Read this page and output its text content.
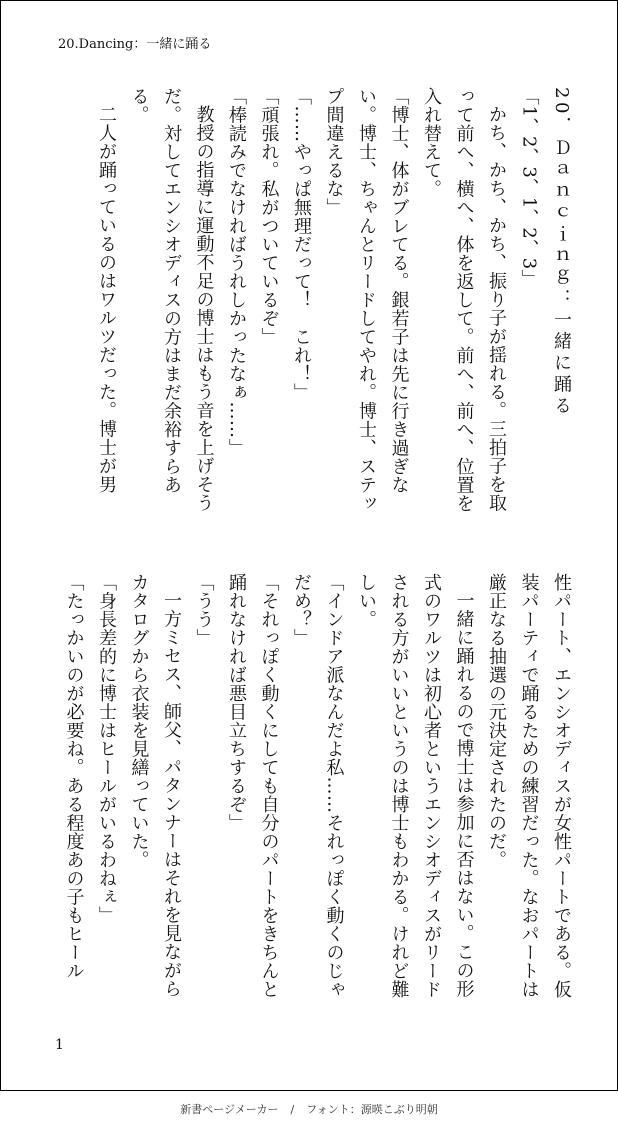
20.Dancing：一緒に踊る

20．Ｄａｎｃｉｎｇ：一緒に踊る

「1、2、3、1、2、3」

かち、かち、かち、振り子が揺れる。三拍子を取って前へ、横へ、体を返して。前へ、前へ、位置を入れ替えて。

「博士、体がブレてる。銀若子は先に行き過ぎない。博士、ちゃんとリードしてやれ。博士、ステップ間違えるな」

「……やっぱ無理だって！　これ！」

「頑張れ。私がついているぞ」

「棒読みでなければうれしかったなぁ……」

教授の指導に運動不足の博士はもう音を上げそうだ。対してエンシオディスの方はまだ余裕すらある。

二人が踊っているのはワルツだった。博士が男

性パート、エンシオディスが女性パートである。仮装パーティで踊るための練習だった。なおパートは厳正なる抽選の元決定されたのだ。

一緒に踊れるので博士は参加に否はない。この形式のワルツは初心者というエンシオディスがリードされる方がいいというのは博士もわかる。けれど難しい。

「インドア派なんだよ私……それっぽく動くのじゃだめ？」

「それっぽく動くにしても自分のパートをきちんと踊れなければ悪目立ちするぞ」

「うう」

一方ミセス、師父、パタンナーはそれを見ながらカタログから衣装を見繕っていた。

「身長差的に博士はヒールがいるわねぇ」

「たっかいのが必要ね。ある程度あの子もヒール

1
新書ページメーカー / フォント：源暎こぶり明朝
